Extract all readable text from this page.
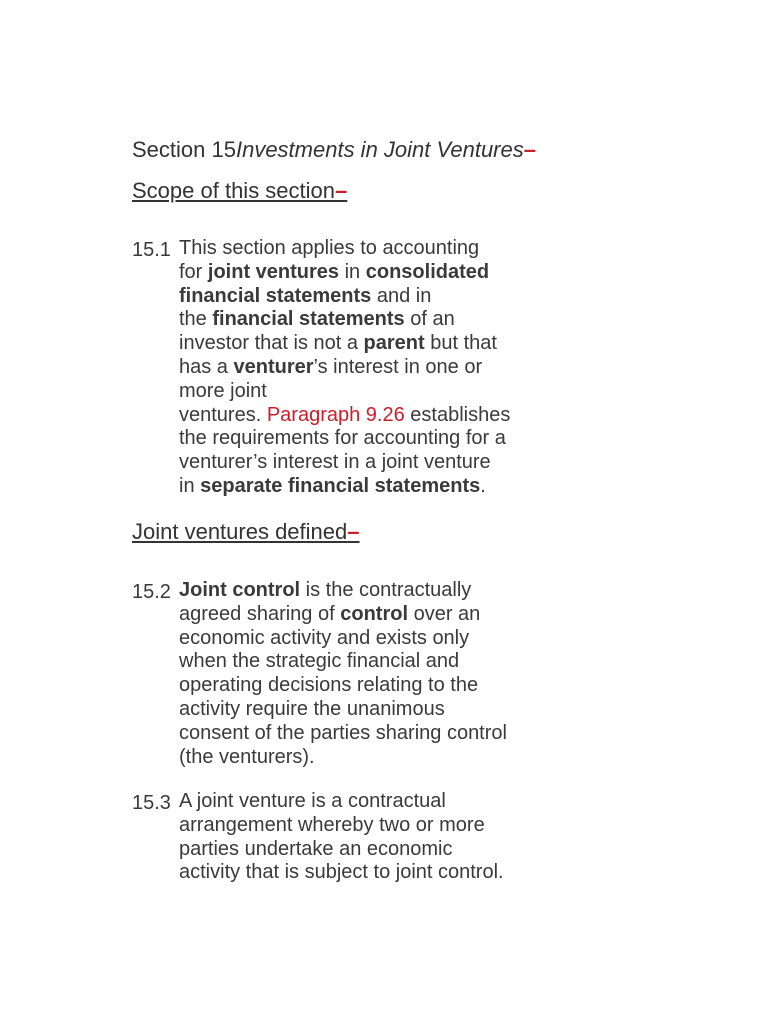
Section 15Investments in Joint Ventures–
Scope of this section–
15.1 This section applies to accounting
for joint ventures in consolidated
financial statements and in
the financial statements of an
investor that is not a parent but that
has a venturer’s interest in one or
more joint
ventures. Paragraph 9.26 establishes
the requirements for accounting for a
venturer’s interest in a joint venture
in separate financial statements.
Joint ventures defined–
15.2 Joint control is the contractually
agreed sharing of control over an
economic activity and exists only
when the strategic financial and
operating decisions relating to the
activity require the unanimous
consent of the parties sharing control
(the venturers).
15.3 A joint venture is a contractual
arrangement whereby two or more
parties undertake an economic
activity that is subject to joint control.
